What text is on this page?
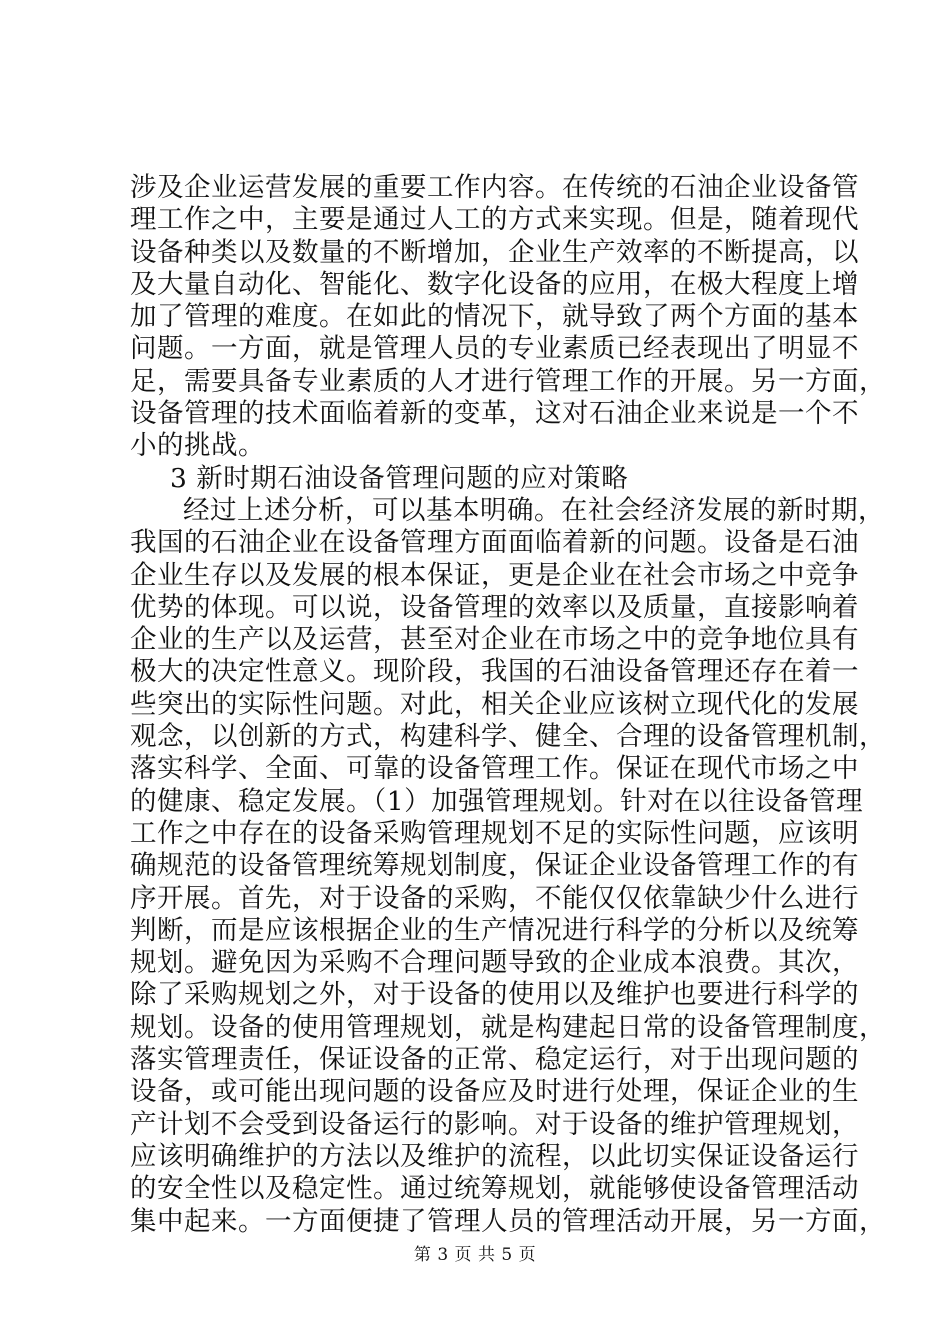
涉及企业运营发展的重要工作内容。在传统的石油企业设备管
理工作之中，主要是通过人工的方式来实现。但是，随着现代
设备种类以及数量的不断增加，企业生产效率的不断提高，以
及大量自动化、智能化、数字化设备的应用，在极大程度上增
加了管理的难度。在如此的情况下，就导致了两个方面的基本
问题。一方面，就是管理人员的专业素质已经表现出了明显不
足，需要具备专业素质的人才进行管理工作的开展。另一方面，
设备管理的技术面临着新的变革，这对石油企业来说是一个不
小的挑战。
3 新时期石油设备管理问题的应对策略
经过上述分析，可以基本明确。在社会经济发展的新时期，
我国的石油企业在设备管理方面面临着新的问题。设备是石油
企业生存以及发展的根本保证，更是企业在社会市场之中竞争
优势的体现。可以说，设备管理的效率以及质量，直接影响着
企业的生产以及运营，甚至对企业在市场之中的竞争地位具有
极大的决定性意义。现阶段，我国的石油设备管理还存在着一
些突出的实际性问题。对此，相关企业应该树立现代化的发展
观念，以创新的方式，构建科学、健全、合理的设备管理机制，
落实科学、全面、可靠的设备管理工作。保证在现代市场之中
的健康、稳定发展。（1）加强管理规划。针对在以往设备管理
工作之中存在的设备采购管理规划不足的实际性问题，应该明
确规范的设备管理统筹规划制度，保证企业设备管理工作的有
序开展。首先，对于设备的采购，不能仅仅依靠缺少什么进行
判断，而是应该根据企业的生产情况进行科学的分析以及统筹
规划。避免因为采购不合理问题导致的企业成本浪费。其次，
除了采购规划之外，对于设备的使用以及维护也要进行科学的
规划。设备的使用管理规划，就是构建起日常的设备管理制度，
落实管理责任，保证设备的正常、稳定运行，对于出现问题的
设备，或可能出现问题的设备应及时进行处理，保证企业的生
产计划不会受到设备运行的影响。对于设备的维护管理规划，
应该明确维护的方法以及维护的流程，以此切实保证设备运行
的安全性以及稳定性。通过统筹规划，就能够使设备管理活动
集中起来。一方面便捷了管理人员的管理活动开展，另一方面，
第 3 页 共 5 页
